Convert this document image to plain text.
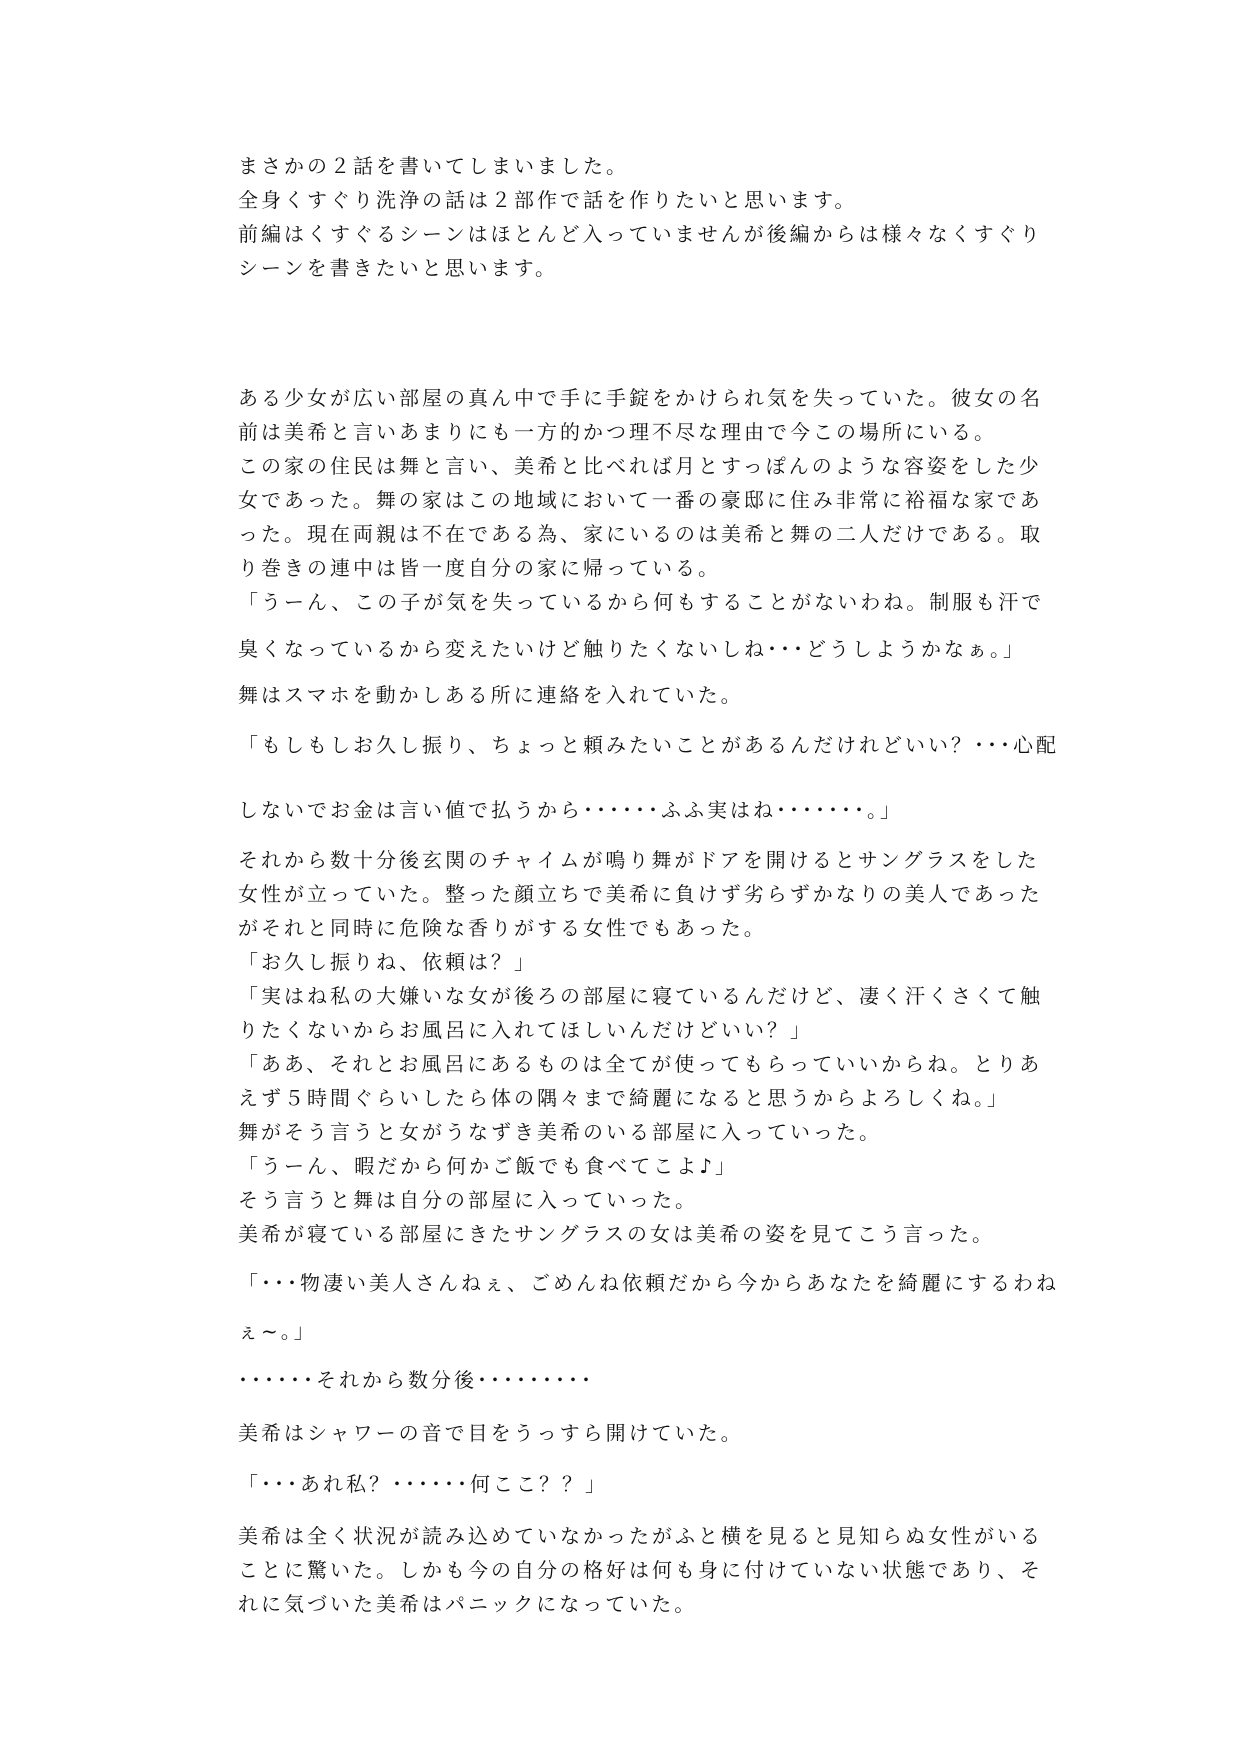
まさかの２話を書いてしまいました。
全身くすぐり洗浄の話は２部作で話を作りたいと思います。
前編はくすぐるシーンはほとんど入っていませんが後編からは様々なくすぐり
シーンを書きたいと思います。
ある少女が広い部屋の真ん中で手に手錠をかけられ気を失っていた。彼女の名
前は美希と言いあまりにも一方的かつ理不尽な理由で今この場所にいる。
この家の住民は舞と言い、美希と比べれば月とすっぽんのような容姿をした少
女であった。舞の家はこの地域において一番の豪邸に住み非常に裕福な家であ
った。現在両親は不在である為、家にいるのは美希と舞の二人だけである。取
り巻きの連中は皆一度自分の家に帰っている。
「うーん、この子が気を失っているから何もすることがないわね。制服も汗で
臭くなっているから変えたいけど触りたくないしね･･･どうしようかなぁ。」
舞はスマホを動かしある所に連絡を入れていた。
「もしもしお久し振り、ちょっと頼みたいことがあるんだけれどいい？･･･心配
しないでお金は言い値で払うから･･････ふふ実はね･･･････。」
それから数十分後玄関のチャイムが鳴り舞がドアを開けるとサングラスをした
女性が立っていた。整った顔立ちで美希に負けず劣らずかなりの美人であった
がそれと同時に危険な香りがする女性でもあった。
「お久し振りね、依頼は？」
「実はね私の大嫌いな女が後ろの部屋に寝ているんだけど、凄く汗くさくて触
りたくないからお風呂に入れてほしいんだけどいい？」
「ああ、それとお風呂にあるものは全てが使ってもらっていいからね。とりあ
えず５時間ぐらいしたら体の隅々まで綺麗になると思うからよろしくね。」
舞がそう言うと女がうなずき美希のいる部屋に入っていった。
「うーん、暇だから何かご飯でも食べてこよ♪」
そう言うと舞は自分の部屋に入っていった。
美希が寝ている部屋にきたサングラスの女は美希の姿を見てこう言った。
「･･･物凄い美人さんねぇ、ごめんね依頼だから今からあなたを綺麗にするわね
ぇ~。」
･･････それから数分後･････････
美希はシャワーの音で目をうっすら開けていた。
「･･･あれ私？･･････何ここ？？」
美希は全く状況が読み込めていなかったがふと横を見ると見知らぬ女性がいる
ことに驚いた。しかも今の自分の格好は何も身に付けていない状態であり、そ
れに気づいた美希はパニックになっていた。
